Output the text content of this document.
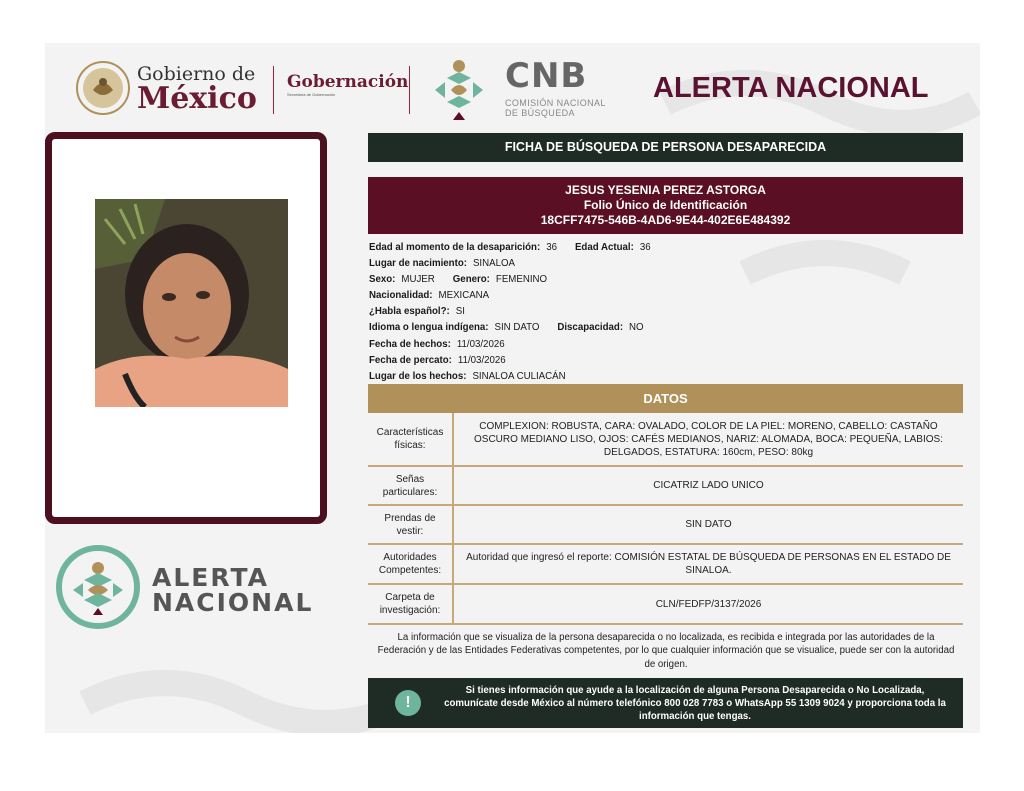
Gobierno de
México Gobernación
Secretaría de Gobernación	CNB
COMISIÓN NACIONAL
DE BÚSQUEDA
ALERTA NACIONAL
ALERTA
NACIONAL
FICHA DE BÚSQUEDA DE PERSONA DESAPARECIDA
JESUS YESENIA PEREZ ASTORGA
Folio Único de Identificación
18CFF7475-546B-4AD6-9E44-402E6E484392
Edad al momento de la desaparición: 36 Edad Actual: 36
Lugar de nacimiento: SINALOA
Sexo: MUJER Genero: FEMENINO
Nacionalidad: MEXICANA
¿Habla español?: SI
Idioma o lengua indígena: SIN DATO Discapacidad: NO
Fecha de hechos: 11/03/2026
Fecha de percato: 11/03/2026
Lugar de los hechos: SINALOA CULIACÁN
DATOS
Características físicas:	COMPLEXION: ROBUSTA, CARA: OVALADO, COLOR DE LA PIEL: MORENO, CABELLO: CASTAÑO OSCURO MEDIANO LISO, OJOS: CAFÉS MEDIANOS, NARIZ: ALOMADA, BOCA: PEQUEÑA, LABIOS: DELGADOS, ESTATURA: 160cm, PESO: 80kg
Señas particulares:	CICATRIZ LADO UNICO
Prendas de vestir:	SIN DATO
Autoridades Competentes:	Autoridad que ingresó el reporte: COMISIÓN ESTATAL DE BÚSQUEDA DE PERSONAS EN EL ESTADO DE SINALOA.
Carpeta de investigación:	CLN/FEDFP/3137/2026
La información que se visualiza de la persona desaparecida o no localizada, es recibida e integrada por las autoridades de la Federación y de las Entidades Federativas competentes, por lo que cualquier información que se visualice, puede ser con la autoridad de origen.
!
Si tienes información que ayude a la localización de alguna Persona Desaparecida o No Localizada, comunícate desde México al número telefónico 800 028 7783 o WhatsApp 55 1309 9024 y proporciona toda la información que tengas.
